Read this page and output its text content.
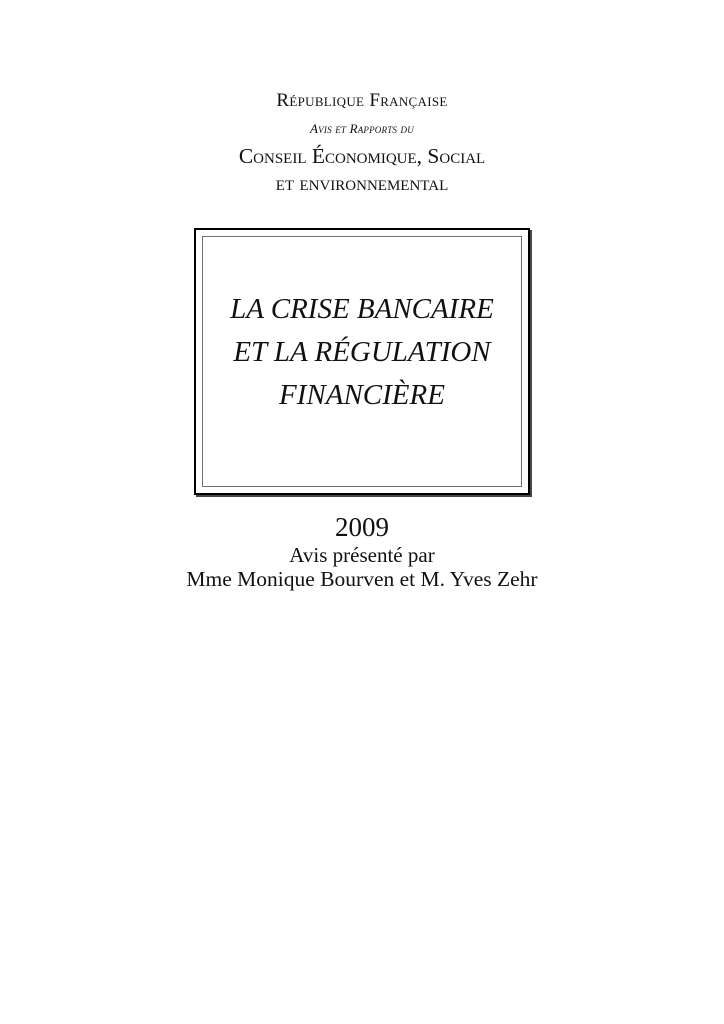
République Française
Avis et Rapports du
Conseil Économique, Social
et environnemental
LA CRISE BANCAIRE
ET LA RÉGULATION
FINANCIÈRE
2009
Avis présenté par
Mme Monique Bourven et M. Yves Zehr
